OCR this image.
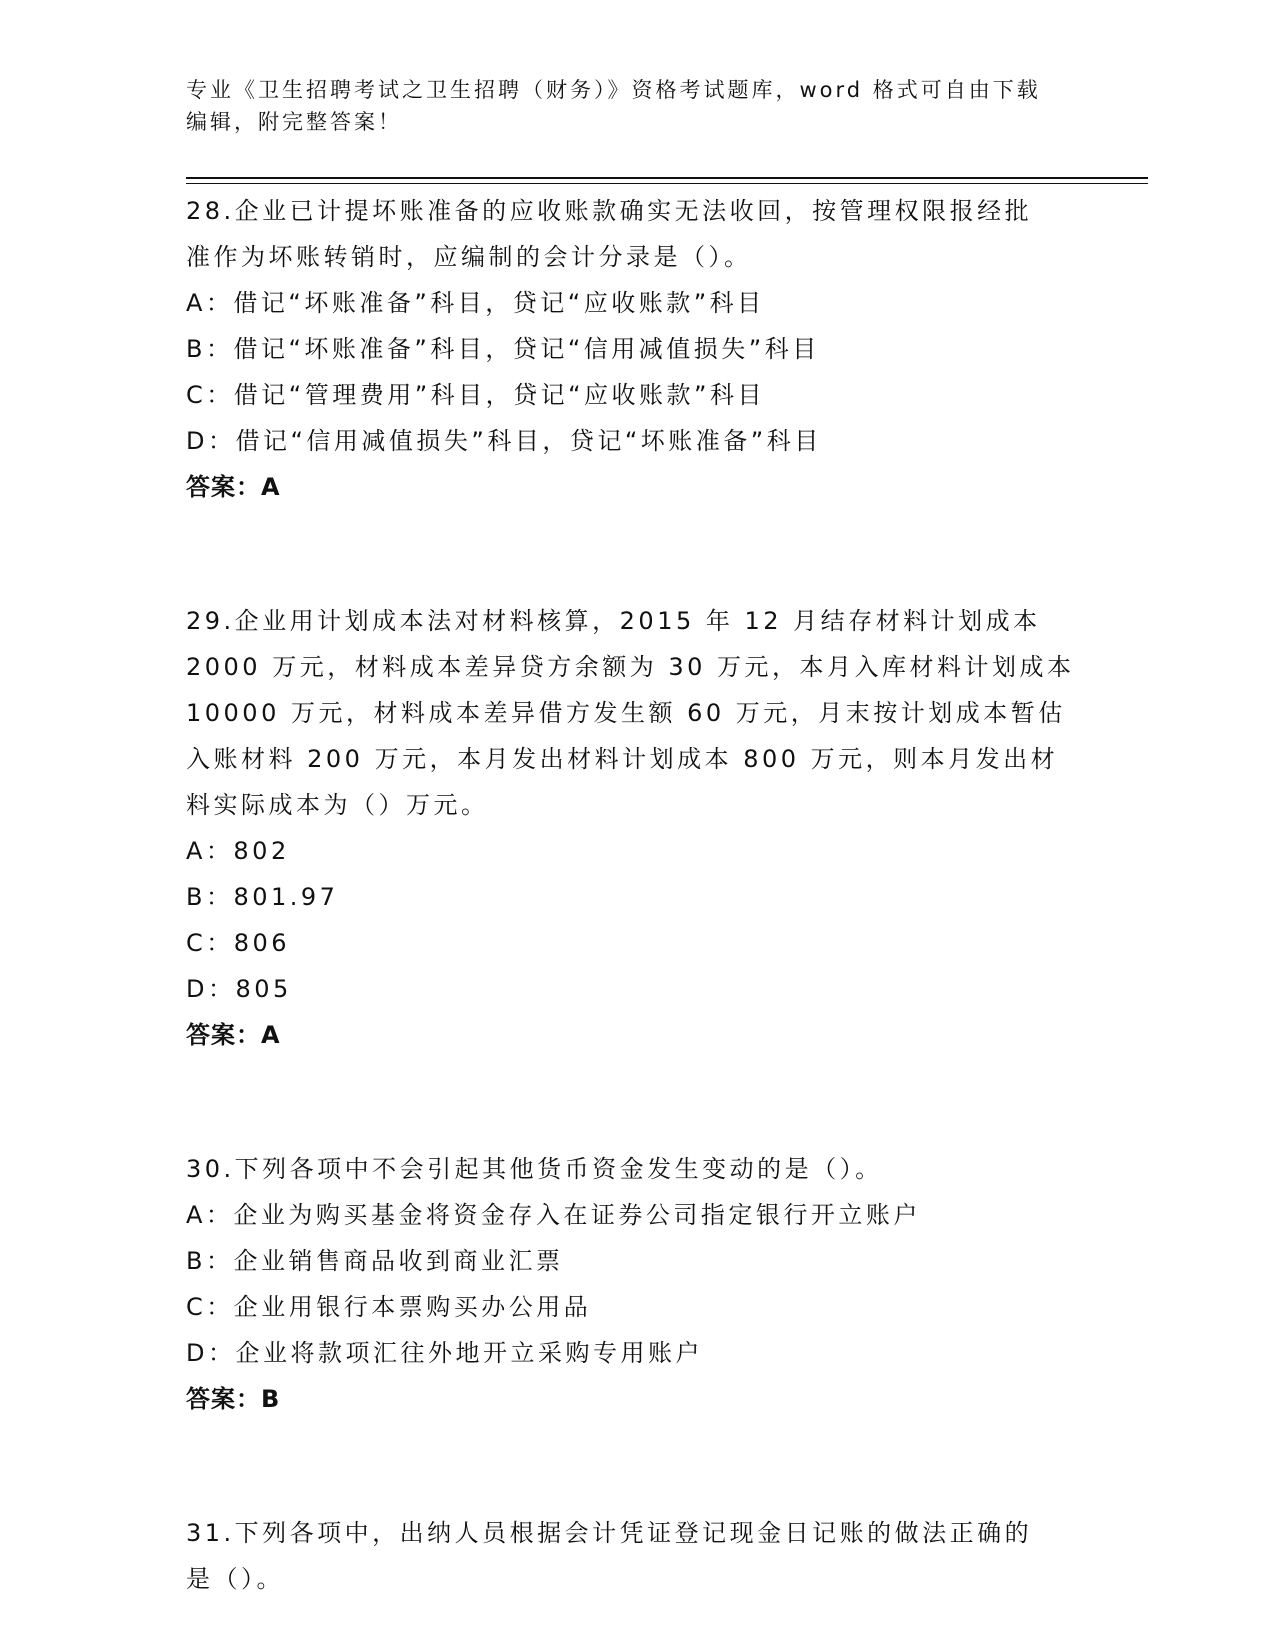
专业《卫生招聘考试之卫生招聘（财务）》资格考试题库，word 格式可自由下载
编辑，附完整答案！
28.企业已计提坏账准备的应收账款确实无法收回，按管理权限报经批
准作为坏账转销时，应编制的会计分录是（）。
A：借记“坏账准备”科目，贷记“应收账款”科目
B：借记“坏账准备”科目，贷记“信用减值损失”科目
C：借记“管理费用”科目，贷记“应收账款”科目
D：借记“信用减值损失”科目，贷记“坏账准备”科目
答案：A
29.企业用计划成本法对材料核算，2015 年 12 月结存材料计划成本
2000 万元，材料成本差异贷方余额为 30 万元，本月入库材料计划成本
10000 万元，材料成本差异借方发生额 60 万元，月末按计划成本暂估
入账材料 200 万元，本月发出材料计划成本 800 万元，则本月发出材
料实际成本为（）万元。
A：802
B：801.97
C：806
D：805
答案：A
30.下列各项中不会引起其他货币资金发生变动的是（）。
A：企业为购买基金将资金存入在证券公司指定银行开立账户
B：企业销售商品收到商业汇票
C：企业用银行本票购买办公用品
D：企业将款项汇往外地开立采购专用账户
答案：B
31.下列各项中，出纳人员根据会计凭证登记现金日记账的做法正确的
是（）。
